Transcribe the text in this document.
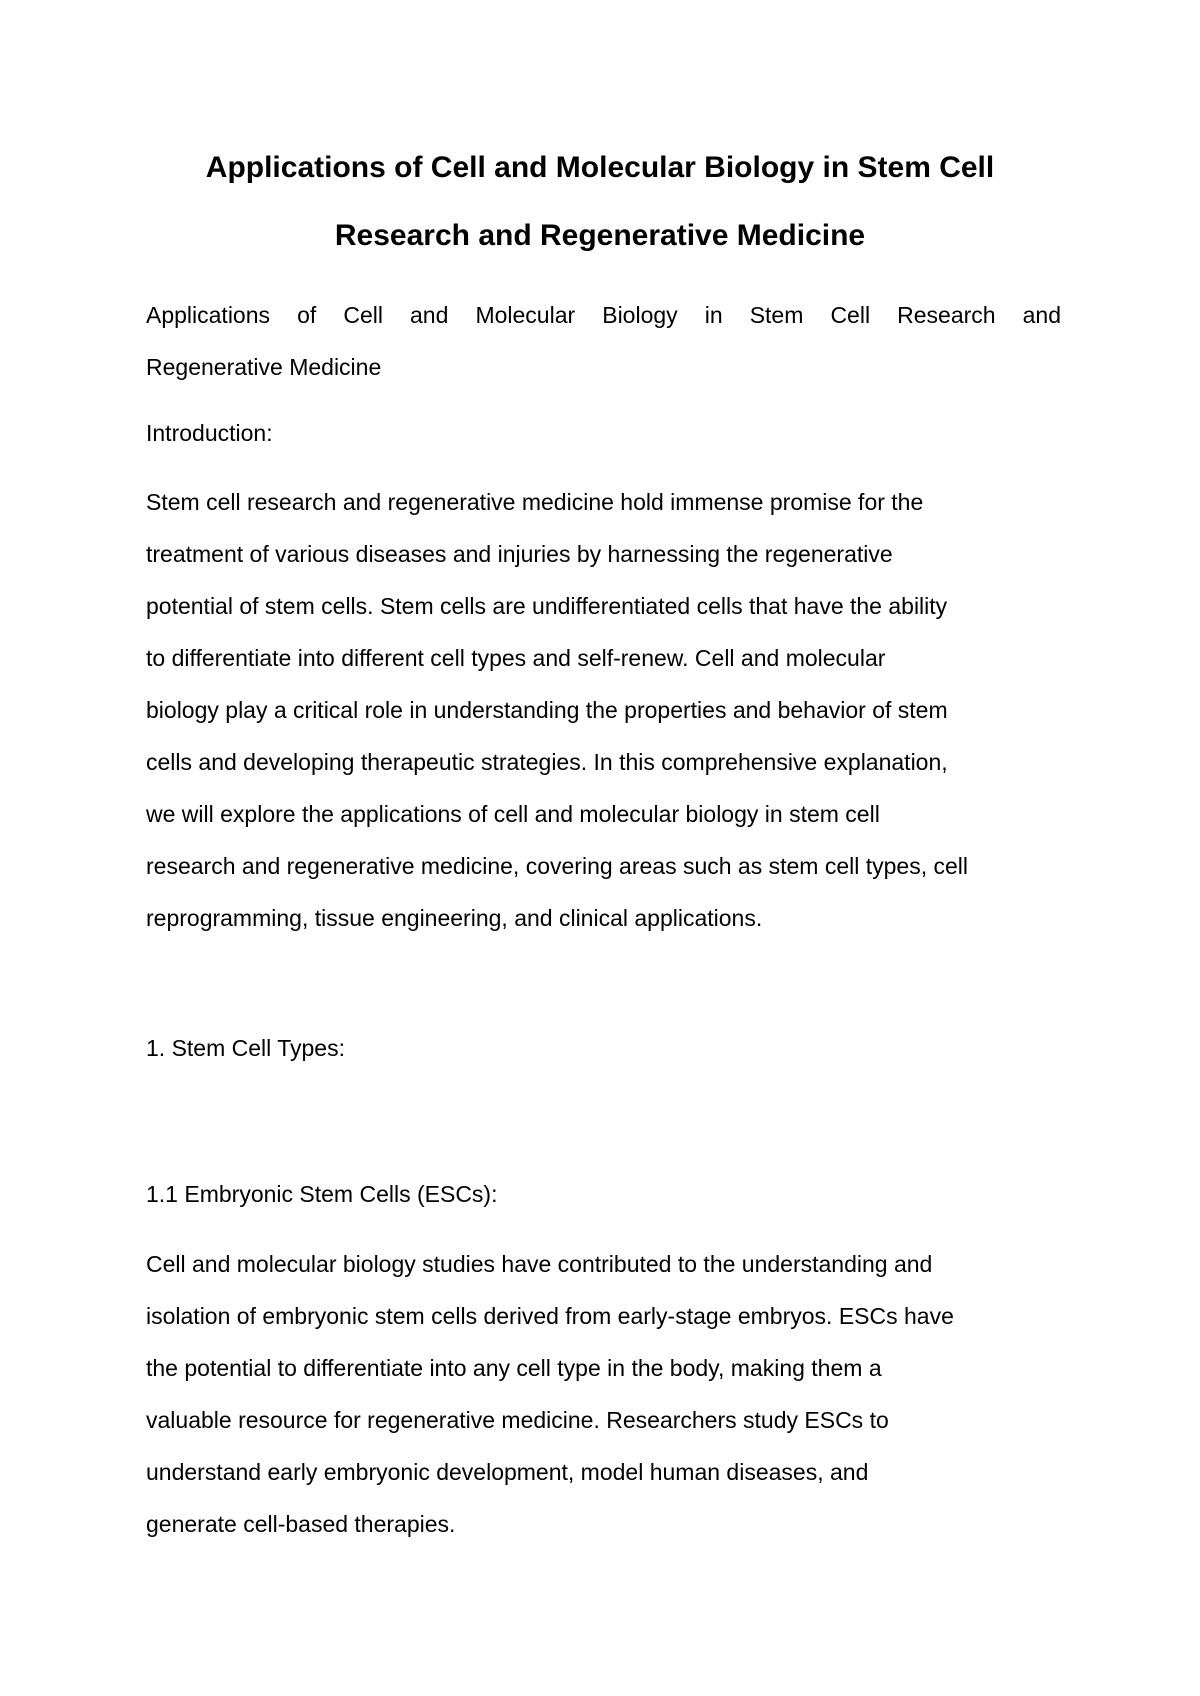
Applications of Cell and Molecular Biology in Stem Cell
Research and Regenerative Medicine
Applications of Cell and Molecular Biology in Stem Cell Research and
Regenerative Medicine
Introduction:
Stem cell research and regenerative medicine hold immense promise for the
treatment of various diseases and injuries by harnessing the regenerative
potential of stem cells. Stem cells are undifferentiated cells that have the ability
to differentiate into different cell types and self-renew. Cell and molecular
biology play a critical role in understanding the properties and behavior of stem
cells and developing therapeutic strategies. In this comprehensive explanation,
we will explore the applications of cell and molecular biology in stem cell
research and regenerative medicine, covering areas such as stem cell types, cell
reprogramming, tissue engineering, and clinical applications.
1. Stem Cell Types:
1.1 Embryonic Stem Cells (ESCs):
Cell and molecular biology studies have contributed to the understanding and
isolation of embryonic stem cells derived from early-stage embryos. ESCs have
the potential to differentiate into any cell type in the body, making them a
valuable resource for regenerative medicine. Researchers study ESCs to
understand early embryonic development, model human diseases, and
generate cell-based therapies.
